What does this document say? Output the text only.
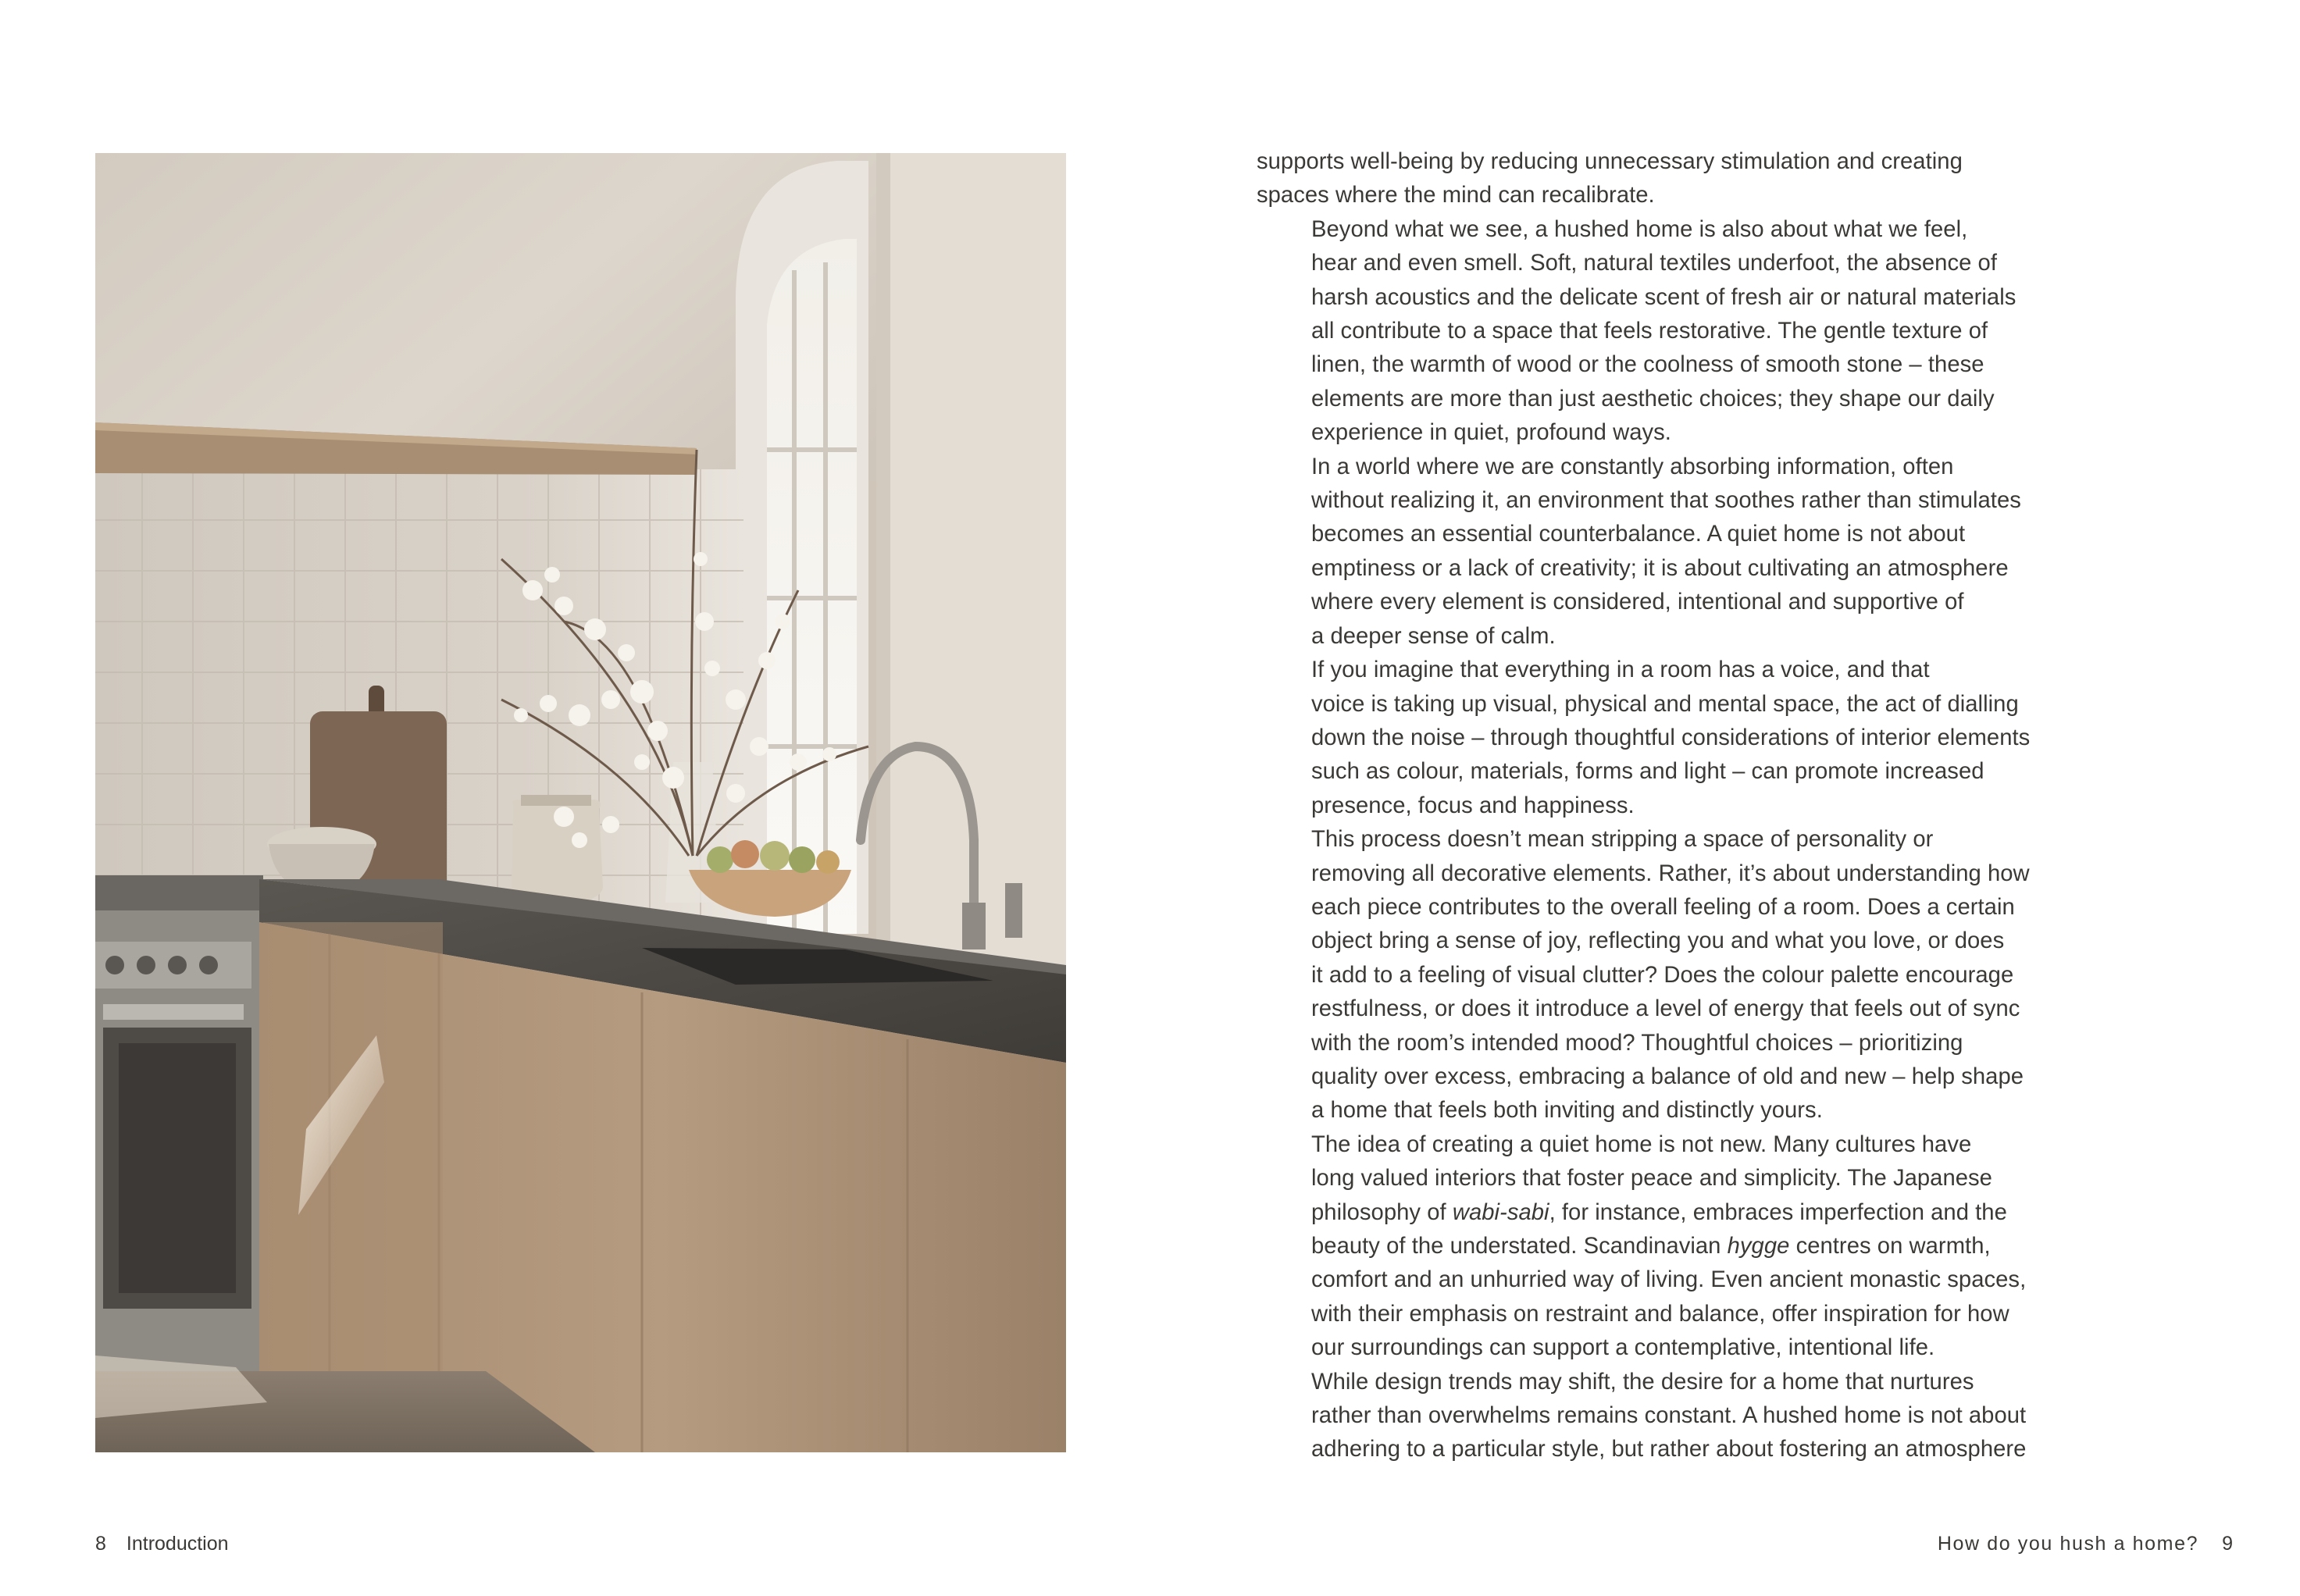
8 Introduction

supports well-being by reducing unnecessary stimulation and creating
spaces where the mind can recalibrate.

Beyond what we see, a hushed home is also about what we feel,
hear and even smell. Soft, natural textiles underfoot, the absence of
harsh acoustics and the delicate scent of fresh air or natural materials
all contribute to a space that feels restorative. The gentle texture of
linen, the warmth of wood or the coolness of smooth stone – these
elements are more than just aesthetic choices; they shape our daily
experience in quiet, profound ways.

In a world where we are constantly absorbing information, often
without realizing it, an environment that soothes rather than stimulates
becomes an essential counterbalance. A quiet home is not about
emptiness or a lack of creativity; it is about cultivating an atmosphere
where every element is considered, intentional and supportive of
a deeper sense of calm.

If you imagine that everything in a room has a voice, and that
voice is taking up visual, physical and mental space, the act of dialling
down the noise – through thoughtful considerations of interior elements
such as colour, materials, forms and light – can promote increased
presence, focus and happiness.

This process doesn’t mean stripping a space of personality or
removing all decorative elements. Rather, it’s about understanding how
each piece contributes to the overall feeling of a room. Does a certain
object bring a sense of joy, reflecting you and what you love, or does
it add to a feeling of visual clutter? Does the colour palette encourage
restfulness, or does it introduce a level of energy that feels out of sync
with the room’s intended mood? Thoughtful choices – prioritizing
quality over excess, embracing a balance of old and new – help shape
a home that feels both inviting and distinctly yours.

The idea of creating a quiet home is not new. Many cultures have
long valued interiors that foster peace and simplicity. The Japanese
philosophy of wabi-sabi, for instance, embraces imperfection and the
beauty of the understated. Scandinavian hygge centres on warmth,
comfort and an unhurried way of living. Even ancient monastic spaces,
with their emphasis on restraint and balance, offer inspiration for how
our surroundings can support a contemplative, intentional life.

While design trends may shift, the desire for a home that nurtures
rather than overwhelms remains constant. A hushed home is not about
adhering to a particular style, but rather about fostering an atmosphere

How do you hush a home? 9
